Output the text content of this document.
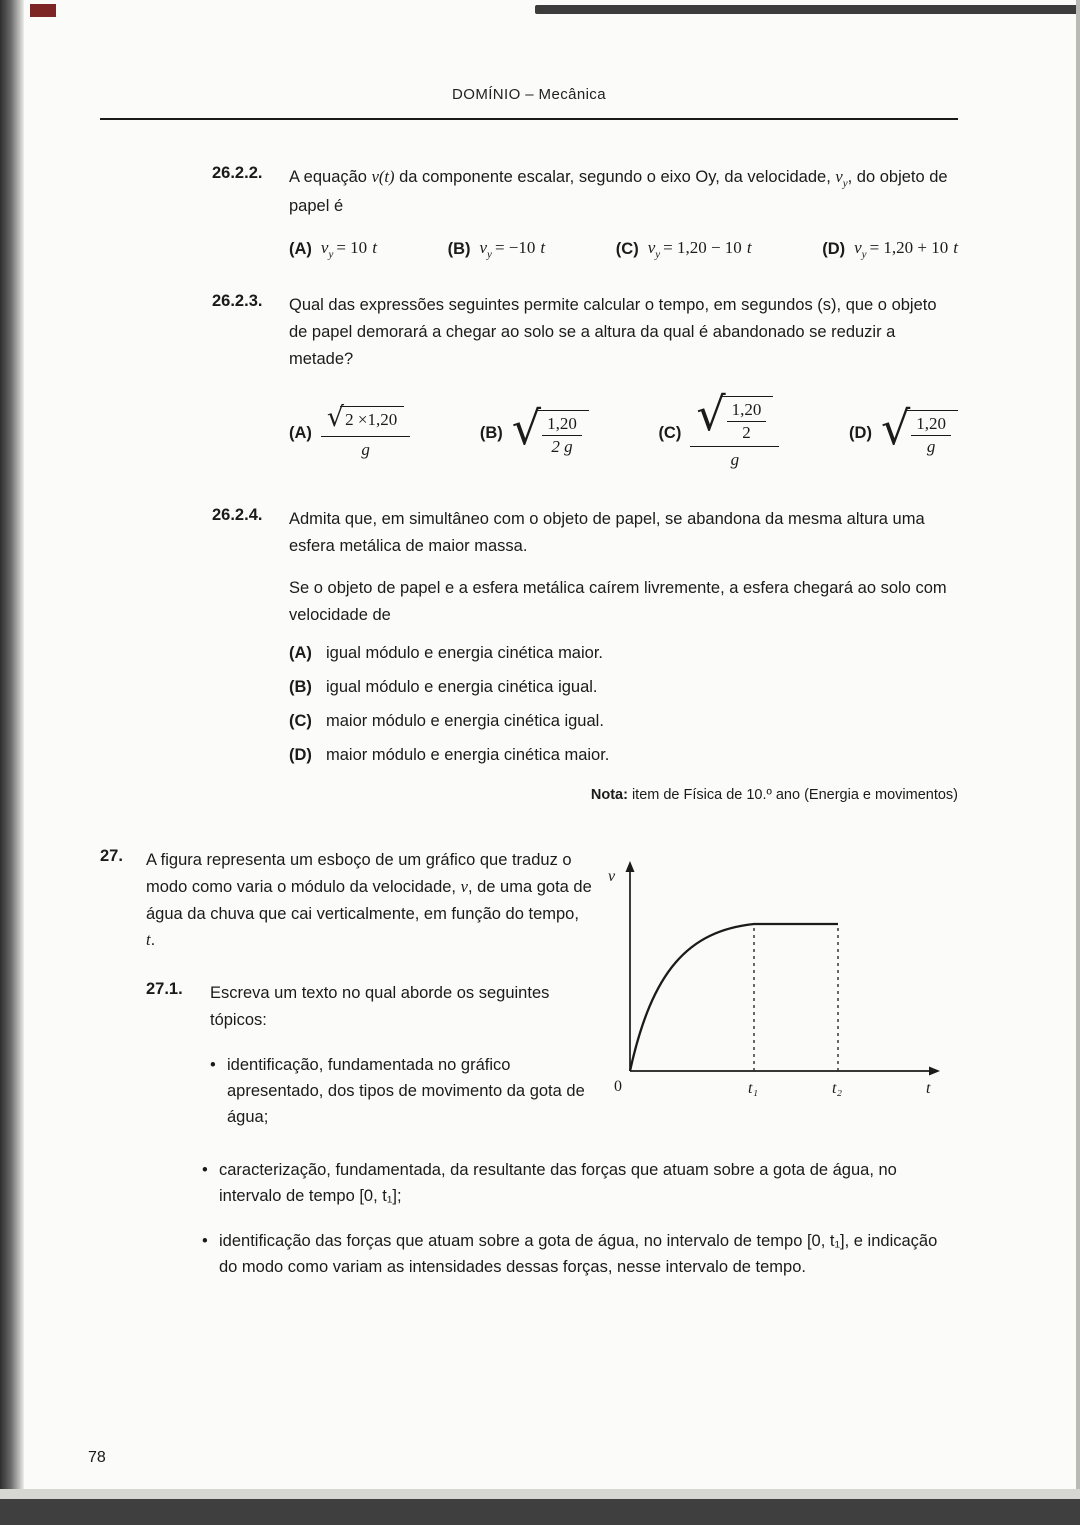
DOMÍNIO – Mecânica
26.2.2.	A equação v(t) da componente escalar, segundo o eixo Oy, da velocidade, $v_y$, do objeto de papel é

(A) $v_y = 10$ t	(B) $v_y = -10$ t	(C) $v_y = 1,20 - 10$ t	(D) $v_y = 1,20 + 10$ t
26.2.3.	Qual das expressões seguintes permite calcular o tempo, em segundos (s), que o objeto de papel demorará a chegar ao solo se a altura da qual é abandonado se reduzir a metade?

$(A) \frac{√ 2 \times 1,20}{g}$	(B) √ $\frac{1,20}{2 g}$	(C) √ $\frac{1,20}{2}$
g
(D) √ $\frac{1,20}{g}$
26.2.4.	Admita que, em simultâneo com o objeto de papel, se abandona da mesma altura uma esfera metálica de maior massa.

Se o objeto de papel e a esfera metálica caírem livremente, a esfera chegará ao solo com velocidade de

(A) igual módulo e energia cinética maior.
(B) igual módulo e energia cinética igual.
(C) maior módulo e energia cinética igual.
(D) maior módulo e energia cinética maior.

Nota: item de Física de 10.º ano (Energia e movimentos)

27.	A figura representa um esboço de um gráfico que traduz o modo como varia o módulo da velocidade, v, de uma gota de água da chuva que cai verticalmente, em função do tempo, t.

27.1.	Escreva um texto no qual aborde os seguintes tópicos:

• identificação, fundamentada no gráfico apresentado, dos tipos de movimento da gota de água;
v
0	t₁	t₂	t
• caracterização, fundamentada, da resultante das forças que atuam sobre a gota de água, no intervalo de tempo [0, t₁];
• identificação das forças que atuam sobre a gota de água, no intervalo de tempo [0, t₁], e indicação do modo como variam as intensidades dessas forças, nesse intervalo de tempo.
78
